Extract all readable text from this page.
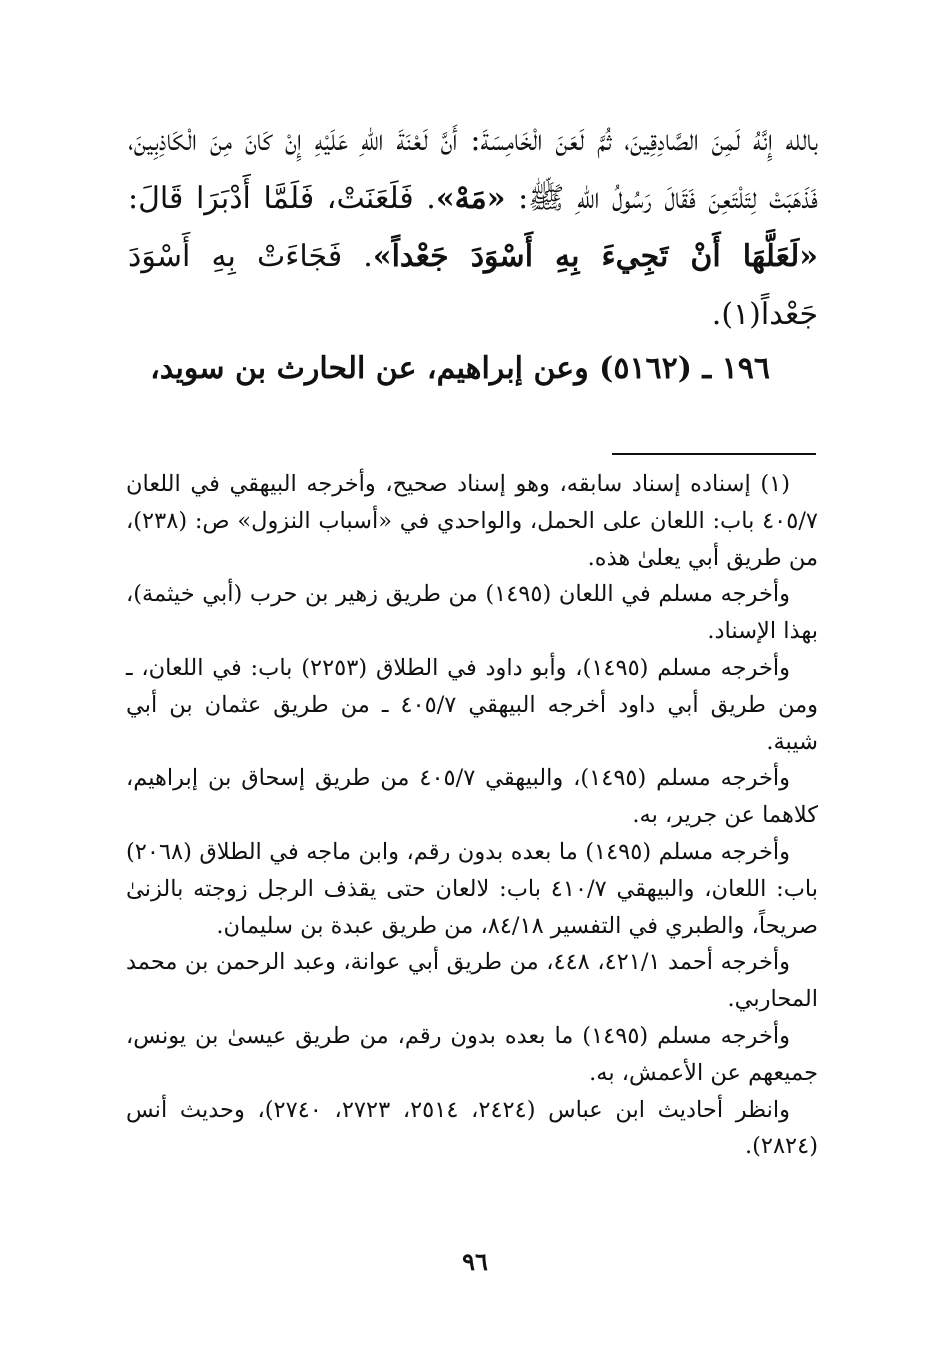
بالله إِنَّهُ لَمِنَ الصَّادِقِينَ، ثُمَّ لَعَنَ الْخَامِسَةَ: أَنَّ لَعْنَةَ اللهِ عَلَيْهِ إِنْ كَانَ مِنَ الْكَاذِبِينَ، فَذَهَبَتْ لِتَلْتَعِنَ فَقَالَ رَسُولُ اللهِ ﷺ: «مَهْ». فَلَعَنَتْ، فَلَمَّا أَدْبَرَا قَالَ: «لَعَلَّهَا أَنْ تَجِيءَ بِهِ أَسْوَدَ جَعْداً». فَجَاءَتْ بِهِ أَسْوَدَ جَعْداً(١).

١٩٦ ـ (٥١٦٢) وعن إبراهيم، عن الحارث بن سويد،

(١) إسناده إسناد سابقه، وهو إسناد صحيح، وأخرجه البيهقي في اللعان ٤٠٥/٧ باب: اللعان على الحمل، والواحدي في «أسباب النزول» ص: (٢٣٨)، من طريق أبي يعلىٰ هذه.

وأخرجه مسلم في اللعان (١٤٩٥) من طريق زهير بن حرب (أبي خيثمة)، بهذا الإسناد.

وأخرجه مسلم (١٤٩٥)، وأبو داود في الطلاق (٢٢٥٣) باب: في اللعان، ـ ومن طريق أبي داود أخرجه البيهقي ٤٠٥/٧ ـ من طريق عثمان بن أبي شيبة.

وأخرجه مسلم (١٤٩٥)، والبيهقي ٤٠٥/٧ من طريق إسحاق بن إبراهيم، كلاهما عن جرير، به.

وأخرجه مسلم (١٤٩٥) ما بعده بدون رقم، وابن ماجه في الطلاق (٢٠٦٨) باب: اللعان، والبيهقي ٤١٠/٧ باب: لالعان حتى يقذف الرجل زوجته بالزنىٰ صريحاً، والطبري في التفسير ٨٤/١٨، من طريق عبدة بن سليمان.

وأخرجه أحمد ٤٢١/١، ٤٤٨، من طريق أبي عوانة، وعبد الرحمن بن محمد المحاربي.

وأخرجه مسلم (١٤٩٥) ما بعده بدون رقم، من طريق عيسىٰ بن يونس، جميعهم عن الأعمش، به.

وانظر أحاديث ابن عباس (٢٤٢٤، ٢٥١٤، ٢٧٢٣، ٢٧٤٠)، وحديث أنس (٢٨٢٤).

٩٦
